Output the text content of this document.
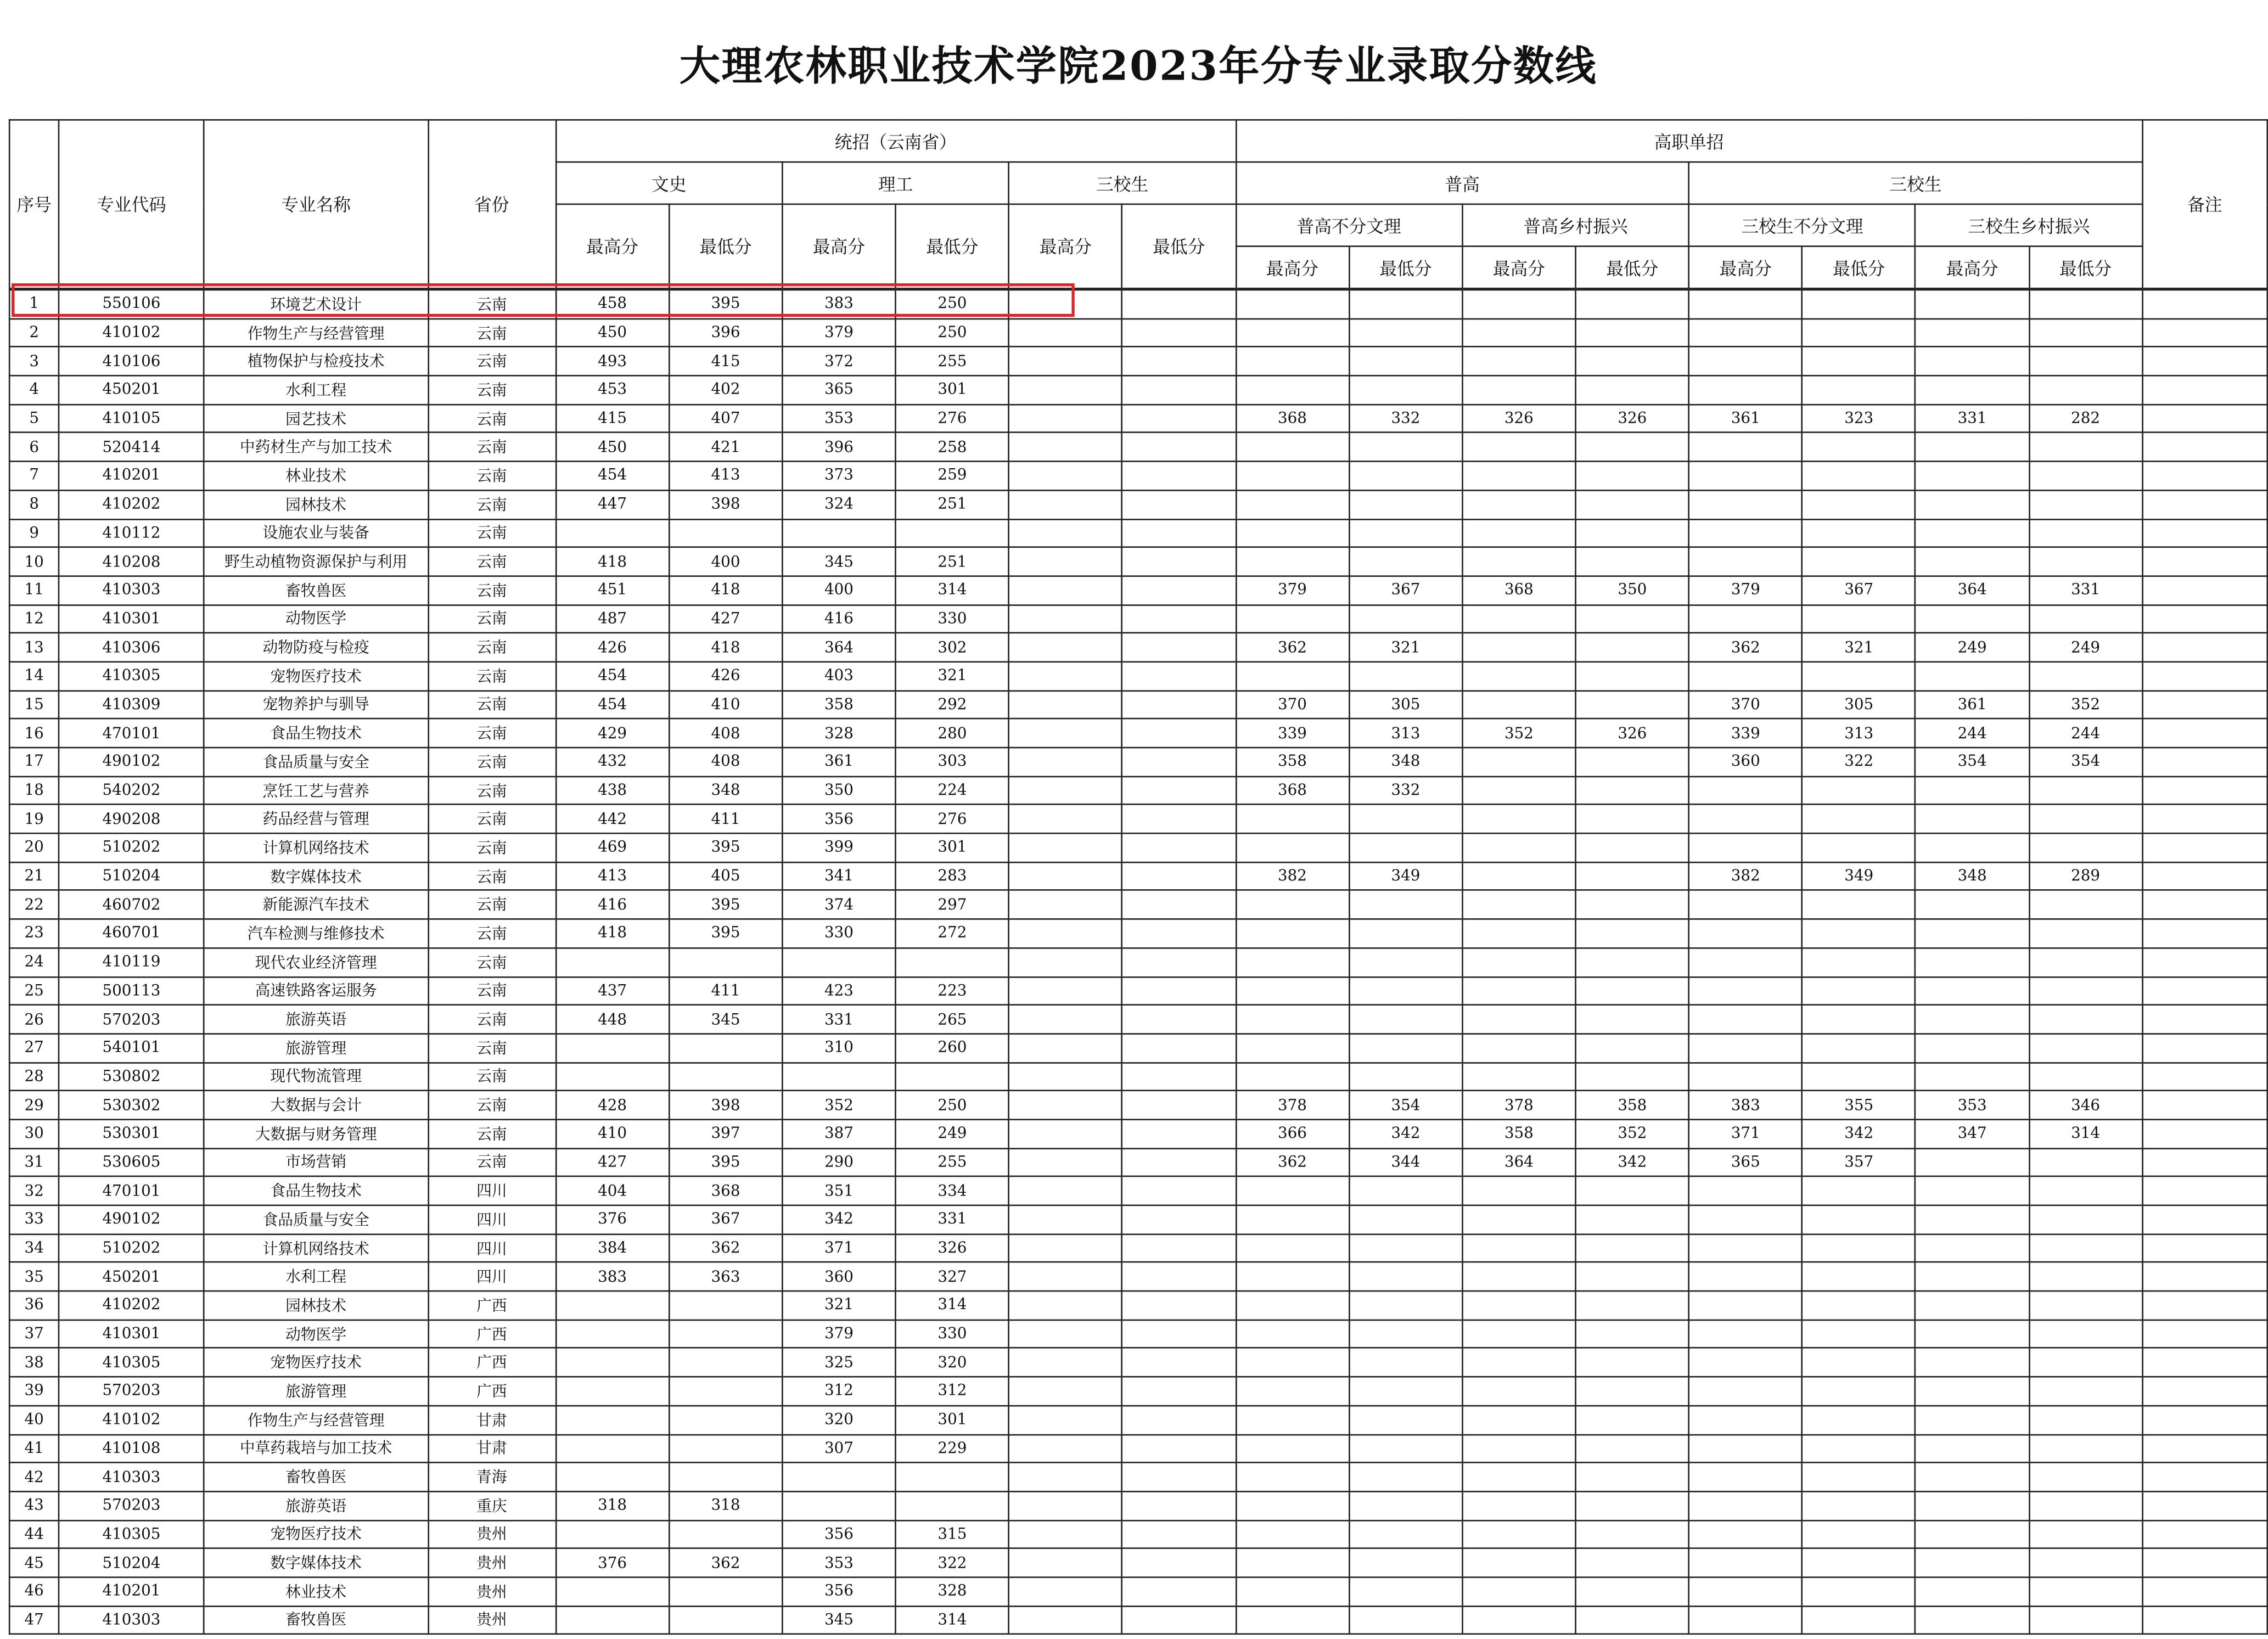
大理农林职业技术学院2023年分专业录取分数线
序号	专业代码	专业名称	省份	统招（云南省）						高职单招								备注
				文史		理工		三校生		普高				三校生				
				最高分	最低分	最高分	最低分	最高分	最低分	普高不分文理		普高乡村振兴		三校生不分文理		三校生乡村振兴		
										最高分	最低分	最高分	最低分	最高分	最低分	最高分	最低分	
1	550106	环境艺术设计	云南	458	395	383	250											
2	410102	作物生产与经营管理	云南	450	396	379	250											
3	410106	植物保护与检疫技术	云南	493	415	372	255											
4	450201	水利工程	云南	453	402	365	301											
5	410105	园艺技术	云南	415	407	353	276			368	332	326	326	361	323	331	282	
6	520414	中药材生产与加工技术	云南	450	421	396	258											
7	410201	林业技术	云南	454	413	373	259											
8	410202	园林技术	云南	447	398	324	251											
9	410112	设施农业与装备	云南															
10	410208	野生动植物资源保护与利用	云南	418	400	345	251											
11	410303	畜牧兽医	云南	451	418	400	314			379	367	368	350	379	367	364	331	
12	410301	动物医学	云南	487	427	416	330											
13	410306	动物防疫与检疫	云南	426	418	364	302			362	321			362	321	249	249	
14	410305	宠物医疗技术	云南	454	426	403	321											
15	410309	宠物养护与驯导	云南	454	410	358	292			370	305			370	305	361	352	
16	470101	食品生物技术	云南	429	408	328	280			339	313	352	326	339	313	244	244	
17	490102	食品质量与安全	云南	432	408	361	303			358	348			360	322	354	354	
18	540202	烹饪工艺与营养	云南	438	348	350	224			368	332							
19	490208	药品经营与管理	云南	442	411	356	276											
20	510202	计算机网络技术	云南	469	395	399	301											
21	510204	数字媒体技术	云南	413	405	341	283			382	349			382	349	348	289	
22	460702	新能源汽车技术	云南	416	395	374	297											
23	460701	汽车检测与维修技术	云南	418	395	330	272											
24	410119	现代农业经济管理	云南															
25	500113	高速铁路客运服务	云南	437	411	423	223											
26	570203	旅游英语	云南	448	345	331	265											
27	540101	旅游管理	云南			310	260											
28	530802	现代物流管理	云南															
29	530302	大数据与会计	云南	428	398	352	250			378	354	378	358	383	355	353	346	
30	530301	大数据与财务管理	云南	410	397	387	249			366	342	358	352	371	342	347	314	
31	530605	市场营销	云南	427	395	290	255			362	344	364	342	365	357			
32	470101	食品生物技术	四川	404	368	351	334											
33	490102	食品质量与安全	四川	376	367	342	331											
34	510202	计算机网络技术	四川	384	362	371	326											
35	450201	水利工程	四川	383	363	360	327											
36	410202	园林技术	广西			321	314											
37	410301	动物医学	广西			379	330											
38	410305	宠物医疗技术	广西			325	320											
39	570203	旅游管理	广西			312	312											
40	410102	作物生产与经营管理	甘肃			320	301											
41	410108	中草药栽培与加工技术	甘肃			307	229											
42	410303	畜牧兽医	青海															
43	570203	旅游英语	重庆	318	318													
44	410305	宠物医疗技术	贵州			356	315											
45	510204	数字媒体技术	贵州	376	362	353	322											
46	410201	林业技术	贵州			356	328											
47	410303	畜牧兽医	贵州			345	314											
